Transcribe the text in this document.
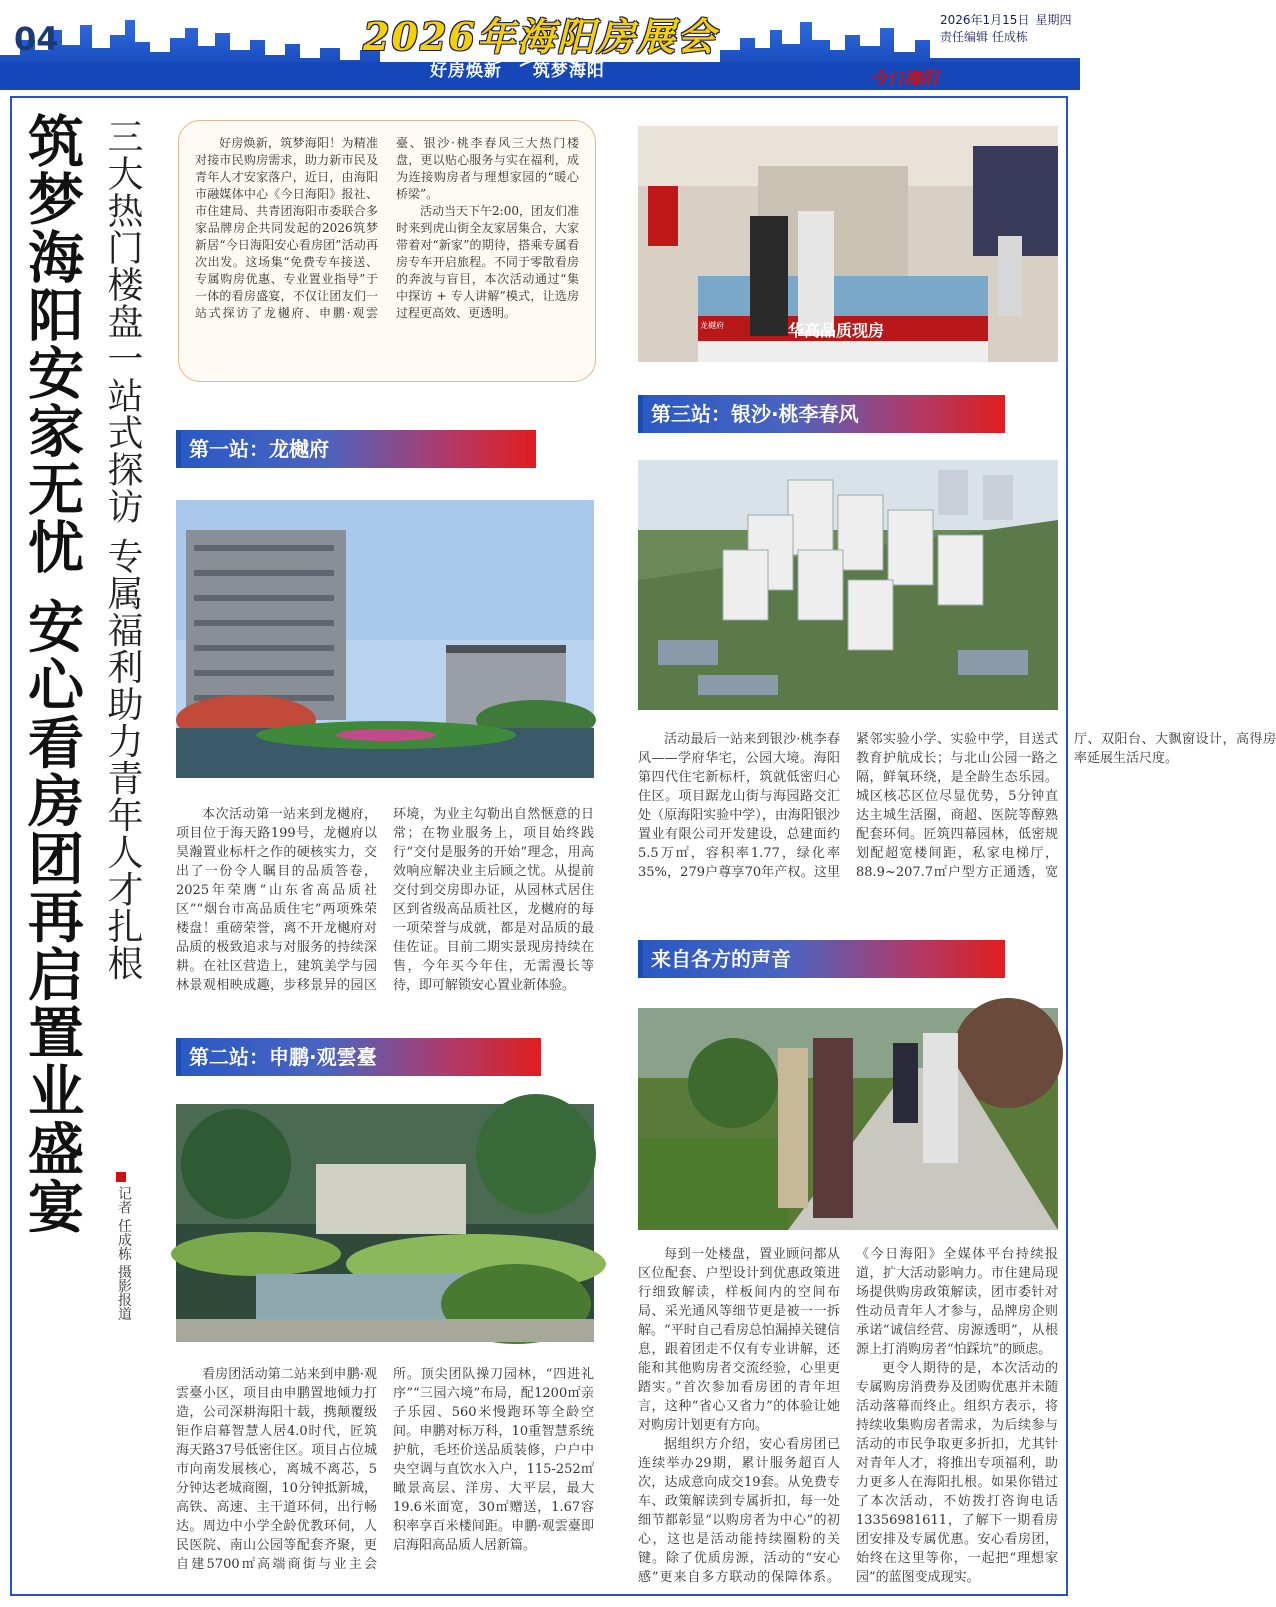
04	2026年海阳房展会
好房焕新 筑梦海阳
2026年1月15日 星期四
责任编辑 任成栋
今日海阳
筑梦海阳安家无忧 安心看房团再启置业盛宴 三大热门楼盘一站式探访 专属福利助力青年人才扎根
记者 任成栋 摄影报道

好房焕新，筑梦海阳！为精准对接市民购房需求，助力新市民及青年人才安家落户，近日，由海阳市融媒体中心《今日海阳》报社、市住建局、共青团海阳市委联合多家品牌房企共同发起的2026筑梦新居“今日海阳安心看房团”活动再次出发。这场集“免费专车接送、专属购房优惠、专业置业指导”于一体的看房盛宴，不仅让团友们一站式探访了龙樾府、申鹏·观雲臺、银沙·桃李春风三大热门楼盘，更以贴心服务与实在福利，成为连接购房者与理想家园的“暖心桥梁”。

活动当天下午2:00，团友们准时来到虎山街全友家居集合，大家带着对“新家”的期待，搭乘专属看房专车开启旅程。不同于零散看房的奔波与盲目，本次活动通过“集中探访 + 专人讲解”模式，让选房过程更高效、更透明。

第一站：龙樾府

本次活动第一站来到龙樾府，项目位于海天路199号，龙樾府以昊瀚置业标杆之作的硬核实力，交出了一份令人瞩目的品质答卷，2025年荣膺“山东省高品质社区”“烟台市高品质住宅”两项殊荣楼盘！重磅荣誉，离不开龙樾府对品质的极致追求与对服务的持续深耕。在社区营造上，建筑美学与园林景观相映成趣，步移景异的园区环境，为业主勾勒出自然惬意的日常；在物业服务上，项目始终践行“交付是服务的开始”理念，用高效响应解决业主后顾之忧。从提前交付到交房即办证，从园林式居住区到省级高品质社区，龙樾府的每一项荣誉与成就，都是对品质的最佳佐证。目前二期实景现房持续在售，今年买今年住，无需漫长等待，即可解锁安心置业新体验。

第二站：申鹏·观雲臺

看房团活动第二站来到申鹏·观雲臺小区，项目由申鹏置地倾力打造，公司深耕海阳十载，携颠覆级钜作启幕智慧人居4.0时代，匠筑海天路37号低密住区。项目占位城市向南发展核心，离城不离芯，5分钟达老城商圈，10分钟抵新城，高铁、高速、主干道环伺，出行畅达。周边中小学全龄优教环伺，人民医院、南山公园等配套齐聚，更自建5700㎡高端商街与业主会所。顶尖团队操刀园林，“四进礼序”“三园六境”布局，配1200㎡亲子乐园、560米慢跑环等全龄空间。申鹏对标万科，10重智慧系统护航，毛坯价送品质装修，户户中央空调与直饮水入户，115-252㎡瞰景高层、洋房、大平层，最大19.6米面宽，30㎡赠送，1.67容积率享百米楼间距。申鹏·观雲臺即启海阳高品质人居新篇。

龙樾府	华高品质现房
第三站：银沙·桃李春风

活动最后一站来到银沙·桃李春风——学府华宅，公园大境。海阳第四代住宅新标杆，筑就低密归心住区。项目踞龙山街与海园路交汇处（原海阳实验中学），由海阳银沙置业有限公司开发建设，总建面约5.5万㎡，容积率1.77，绿化率35%，279户尊享70年产权。这里紧邻实验小学、实验中学，目送式教育护航成长；与北山公园一路之隔，鲜氧环绕，是全龄生态乐园。城区核芯区位尽显优势，5分钟直达主城生活圈，商超、医院等醇熟配套环伺。匠筑四幕园林，低密规划配超宽楼间距，私家电梯厅，88.9~207.7㎡户型方正通透，宽厅、双阳台、大飘窗设计，高得房率延展生活尺度。

来自各方的声音

每到一处楼盘，置业顾问都从区位配套、户型设计到优惠政策进行细致解读，样板间内的空间布局、采光通风等细节更是被一一拆解。“平时自己看房总怕漏掉关键信息，跟着团走不仅有专业讲解，还能和其他购房者交流经验，心里更踏实。”首次参加看房团的青年坦言，这种“省心又省力”的体验让她对购房计划更有方向。

据组织方介绍，安心看房团已连续举办29期，累计服务超百人次，达成意向成交19套。从免费专车、政策解读到专属折扣，每一处细节都彰显“以购房者为中心”的初心，这也是活动能持续圈粉的关键。除了优质房源，活动的“安心感”更来自多方联动的保障体系。《今日海阳》全媒体平台持续报道，扩大活动影响力。市住建局现场提供购房政策解读，团市委针对性动员青年人才参与，品牌房企则承诺“诚信经营、房源透明”，从根源上打消购房者“怕踩坑”的顾虑。

更令人期待的是，本次活动的专属购房消费券及团购优惠并未随活动落幕而终止。组织方表示，将持续收集购房者需求，为后续参与活动的市民争取更多折扣，尤其针对青年人才，将推出专项福利，助力更多人在海阳扎根。如果你错过了本次活动，不妨拨打咨询电话13356981611，了解下一期看房团安排及专属优惠。安心看房团，始终在这里等你，一起把“理想家园”的蓝图变成现实。
